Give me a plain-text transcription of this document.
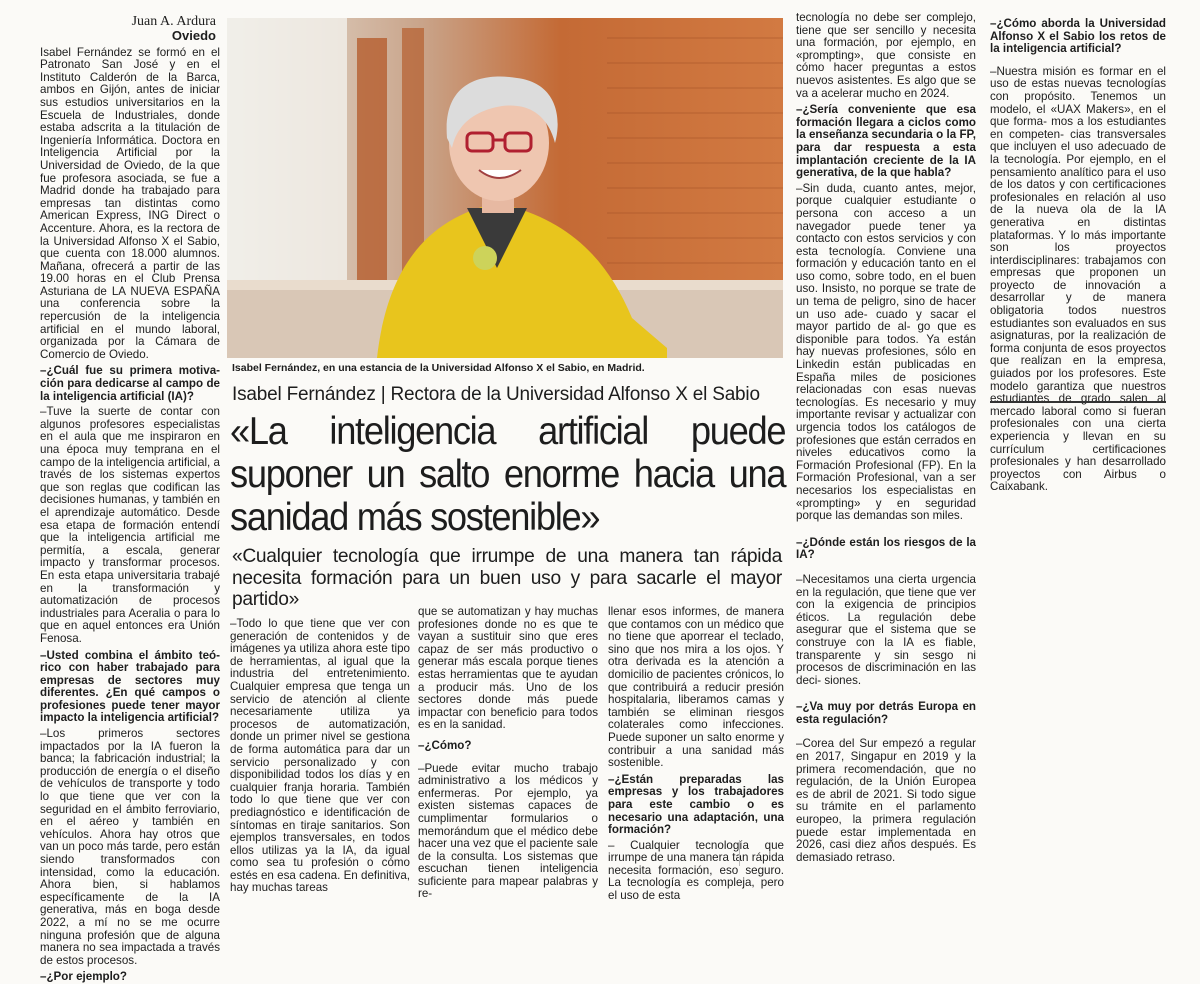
Juan A. Ardura

Oviedo

Isabel Fernández se formó en el Patronato San José y en el Instituto Calderón de la Barca, ambos en Gijón, antes de iniciar sus estudios universitarios en la Escuela de Industriales, donde estaba adscrita a la titulación de Ingeniería Informática. Doctora en Inteligencia Artificial por la Universidad de Oviedo, de la que fue profesora asociada, se fue a Madrid donde ha trabajado para empresas tan distintas como American Express, ING Direct o Accenture. Ahora, es la rectora de la Universidad Alfonso X el Sabio, que cuenta con 18.000 alumnos. Mañana, ofrecerá a partir de las 19.00 horas en el Club Prensa Asturiana de LA NUEVA ESPAÑA una conferencia sobre la repercusión de la inteligencia artificial en el mundo laboral, organizada por la Cámara de Comercio de Oviedo.

–¿Cuál fue su primera motiva- ción para dedicarse al campo de la inteligencia artificial (IA)?

–Tuve la suerte de contar con algunos profesores especialistas en el aula que me inspiraron en una época muy temprana en el campo de la inteligencia artificial, a través de los sistemas expertos que son reglas que codifican las decisiones humanas, y también en el aprendizaje automático. Desde esa etapa de formación entendí que la inteligencia artificial me permitía, a escala, generar impacto y transformar procesos. En esta etapa universitaria trabajé en la transformación y automatización de procesos industriales para Aceralia o para lo que en aquel entonces era Unión Fenosa.

–Usted combina el ámbito teó- rico con haber trabajado para empresas de sectores muy diferentes. ¿En qué campos o profesiones puede tener mayor impacto la inteligencia artificial?

–Los primeros sectores impactados por la IA fueron la banca; la fabricación industrial; la producción de energía o el diseño de vehículos de transporte y todo lo que tiene que ver con la seguridad en el ámbito ferroviario, en el aéreo y también en vehículos. Ahora hay otros que van un poco más tarde, pero están siendo transformados con intensidad, como la educación. Ahora bien, si hablamos específicamente de la IA generativa, más en boga desde 2022, a mí no se me ocurre ninguna profesión que de alguna manera no sea impactada a través de estos procesos.

–¿Por ejemplo?

Isabel Fernández, en una estancia de la Universidad Alfonso X el Sabio, en Madrid.
Isabel Fernández | Rectora de la Universidad Alfonso X el Sabio
«La inteligencia artificial puede suponer un salto enorme hacia una sanidad más sostenible»
«Cualquier tecnología que irrumpe de una manera tan rápida necesita formación para un buen uso y para sacarle el mayor partido»

–Todo lo que tiene que ver con generación de contenidos y de imágenes ya utiliza ahora este tipo de herramientas, al igual que la industria del entretenimiento. Cualquier empresa que tenga un servicio de atención al cliente necesariamente utiliza ya procesos de automatización, donde un primer nivel se gestiona de forma automática para dar un servicio personalizado y con disponibilidad todos los días y en cualquier franja horaria. También todo lo que tiene que ver con prediagnóstico e identificación de síntomas en tiraje sanitarios. Son ejemplos transversales, en todos ellos utilizas ya la IA, da igual como sea tu profesión o cómo estés en esa cadena. En definitiva, hay muchas tareas

que se automatizan y hay muchas profesiones donde no es que te vayan a sustituir sino que eres capaz de ser más productivo o generar más escala porque tienes estas herramientas que te ayudan a producir más. Uno de los sectores donde más puede impactar con beneficio para todos es en la sanidad.

–¿Cómo?

–Puede evitar mucho trabajo administrativo a los médicos y enfermeras. Por ejemplo, ya existen sistemas capaces de cumplimentar formularios o memorándum que el médico debe hacer una vez que el paciente sale de la consulta. Los sistemas que escuchan tienen inteligencia suficiente para mapear palabras y re-

llenar esos informes, de manera que contamos con un médico que no tiene que aporrear el teclado, sino que nos mira a los ojos. Y otra derivada es la atención a domicilio de pacientes crónicos, lo que contribuirá a reducir presión hospitalaria, liberamos camas y también se eliminan riesgos colaterales como infecciones. Puede suponer un salto enorme y contribuir a una sanidad más sostenible.

–¿Están preparadas las empresas y los trabajadores para este cambio o es necesario una adaptación, una formación?

– Cualquier tecnología que irrumpe de una manera tan rápida necesita formación, eso seguro. La tecnología es compleja, pero el uso de esta

tecnología no debe ser complejo, tiene que ser sencillo y necesita una formación, por ejemplo, en «prompting», que consiste en cómo hacer preguntas a estos nuevos asistentes. Es algo que se va a acelerar mucho en 2024.

–¿Sería conveniente que esa formación llegara a ciclos como la enseñanza secundaria o la FP, para dar respuesta a esta implantación creciente de la IA generativa, de la que habla?

–Sin duda, cuanto antes, mejor, porque cualquier estudiante o persona con acceso a un navegador puede tener ya contacto con estos servicios y con esta tecnología. Conviene una formación y educación tanto en el uso como, sobre todo, en el buen uso. Insisto, no porque se trate de un tema de peligro, sino de hacer un uso ade- cuado y sacar el mayor partido de al- go que es disponible para todos. Ya están hay nuevas profesiones, sólo en Linkedin están publicadas en España miles de posiciones relacionadas con esas nuevas tecnologías. Es necesario y muy importante revisar y actualizar con urgencia todos los catálogos de profesiones que están cerrados en niveles educativos como la Formación Profesional (FP). En la Formación Profesional, van a ser necesarios los especialistas en «prompting» y en seguridad porque las demandas son miles.

–¿Dónde están los riesgos de la IA?

–Necesitamos una cierta urgencia en la regulación, que tiene que ver con la exigencia de principios éticos. La regulación debe asegurar que el sistema que se construye con la IA es fiable, transparente y sin sesgo ni procesos de discriminación en las deci- siones.

–¿Va muy por detrás Europa en esta regulación?

–Corea del Sur empezó a regular en 2017, Singapur en 2019 y la primera recomendación, que no regulación, de la Unión Europea es de abril de 2021. Si todo sigue su trámite en el parlamento europeo, la primera regulación puede estar implementada en 2026, casi diez años después. Es demasiado retraso.

–¿Cómo aborda la Universidad Alfonso X el Sabio los retos de la inteligencia artificial?

–Nuestra misión es formar en el uso de estas nuevas tecnologías con propósito. Tenemos un modelo, el «UAX Makers», en el que forma- mos a los estudiantes en competen- cias transversales que incluyen el uso adecuado de la tecnología. Por ejemplo, en el pensamiento analítico para el uso de los datos y con certificaciones profesionales en relación al uso de la nueva ola de la IA generativa en distintas plataformas. Y lo más importante son los proyectos interdisciplinares: trabajamos con empresas que proponen un proyecto de innovación a desarrollar y de manera obligatoria todos nuestros estudiantes son evaluados en sus asignaturas, por la realización de forma conjunta de esos proyectos que realizan en la empresa, guiados por los profesores. Este modelo garantiza que nuestros estudiantes de grado salen al mercado laboral como si fueran profesionales con una cierta experiencia y llevan en su currículum certificaciones profesionales y han desarrollado proyectos con Airbus o Caixabank.
